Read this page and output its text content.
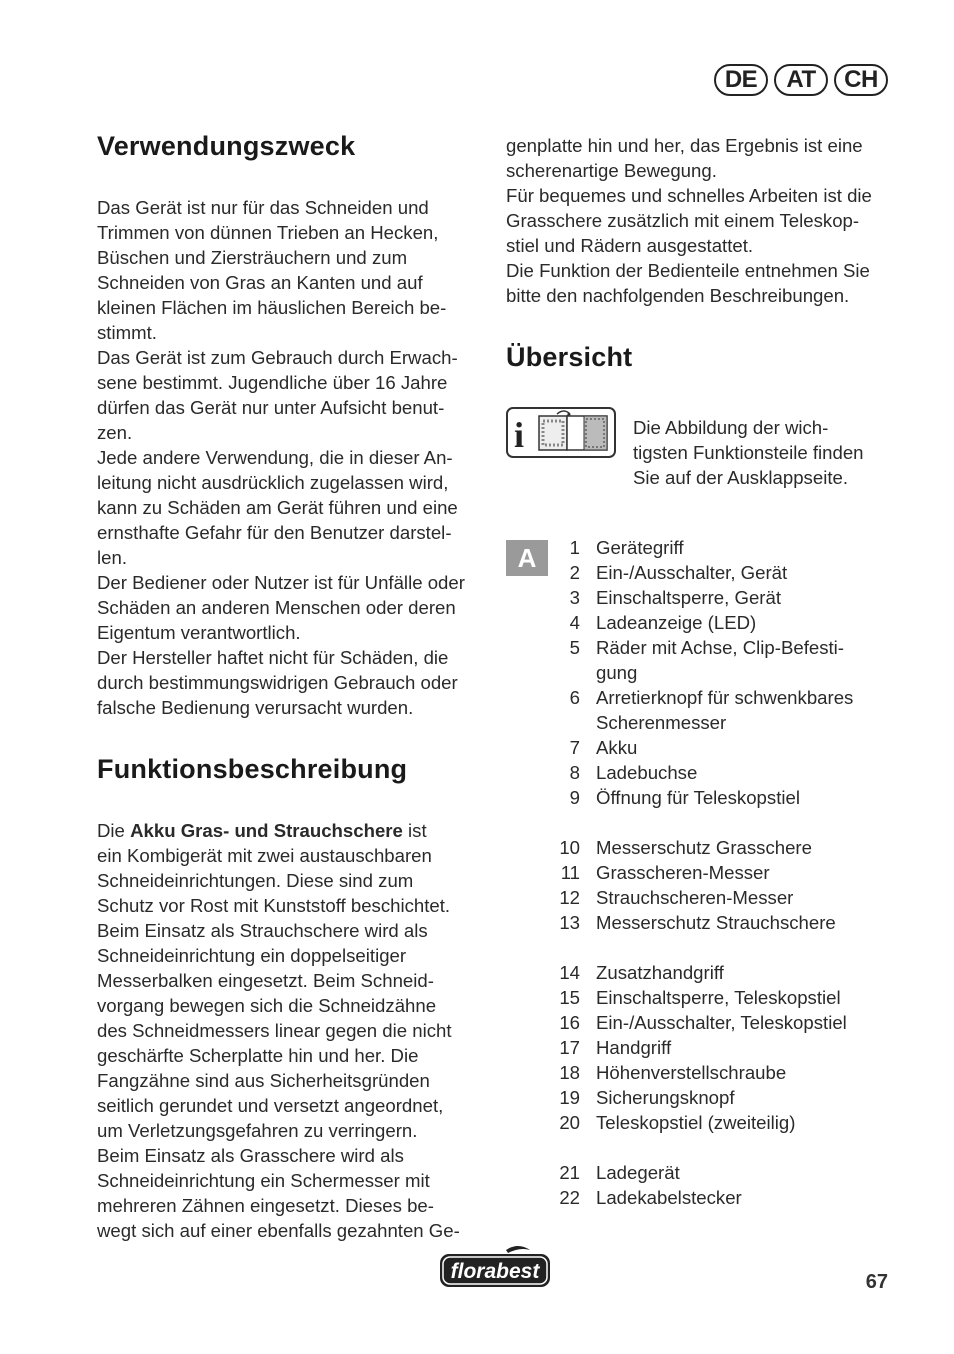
DE	AT	CH
Verwendungszweck

Das Gerät ist nur für das Schneiden und
Trimmen von dünnen Trieben an Hecken,
Büschen und Ziersträuchern und zum
Schneiden von Gras an Kanten und auf
kleinen Flächen im häuslichen Bereich be-
stimmt.
Das Gerät ist zum Gebrauch durch Erwach-
sene bestimmt. Jugendliche über 16 Jahre
dürfen das Gerät nur unter Aufsicht benut-
zen.
Jede andere Verwendung, die in dieser An-
leitung nicht ausdrücklich zugelassen wird,
kann zu Schäden am Gerät führen und eine
ernsthafte Gefahr für den Benutzer darstel-
len.
Der Bediener oder Nutzer ist für Unfälle oder
Schäden an anderen Menschen oder deren
Eigentum verantwortlich.
Der Hersteller haftet nicht für Schäden, die
durch bestimmungswidrigen Gebrauch oder
falsche Bedienung verursacht wurden.

Funktionsbeschreibung

Die Akku Gras- und Strauchschere ist
ein Kombigerät mit zwei austauschbaren
Schneideinrichtungen. Diese sind zum
Schutz vor Rost mit Kunststoff beschichtet.
Beim Einsatz als Strauchschere wird als
Schneideinrichtung ein doppelseitiger
Messerbalken eingesetzt. Beim Schneid-
vorgang bewegen sich die Schneidzähne
des Schneidmessers linear gegen die nicht
geschärfte Scherplatte hin und her. Die
Fangzähne sind aus Sicherheitsgründen
seitlich gerundet und versetzt angeordnet,
um Verletzungsgefahren zu verringern.
Beim Einsatz als Grasschere wird als
Schneideinrichtung ein Schermesser mit
mehreren Zähnen eingesetzt. Dieses be-
wegt sich auf einer ebenfalls gezahnten Ge-

genplatte hin und her, das Ergebnis ist eine
scherenartige Bewegung.
Für bequemes und schnelles Arbeiten ist die
Grasschere zusätzlich mit einem Teleskop-
stiel und Rädern ausgestattet.
Die Funktion der Bedienteile entnehmen Sie
bitte den nachfolgenden Beschreibungen.

Übersicht
i	Die Abbildung der wich-
tigsten Funktionsteile finden
Sie auf der Ausklappseite.

A	1 Gerätegriff
2 Ein-/Ausschalter, Gerät
3 Einschaltsperre, Gerät
4 Ladeanzeige (LED)
5 Räder mit Achse, Clip-Befesti-
gung
6 Arretierknopf für schwenkbares
Scherenmesser
7 Akku
8 Ladebuchse
9 Öffnung für Teleskopstiel
10 Messerschutz Grasschere
11 Grasscheren-Messer
12 Strauchscheren-Messer
13 Messerschutz Strauchschere
14 Zusatzhandgriff
15 Einschaltsperre, Teleskopstiel
16 Ein-/Ausschalter, Teleskopstiel
17 Handgriff
18 Höhenverstellschraube
19 Sicherungsknopf
20 Teleskopstiel (zweiteilig)
21 Ladegerät
22 Ladekabelstecker
florabest	67
